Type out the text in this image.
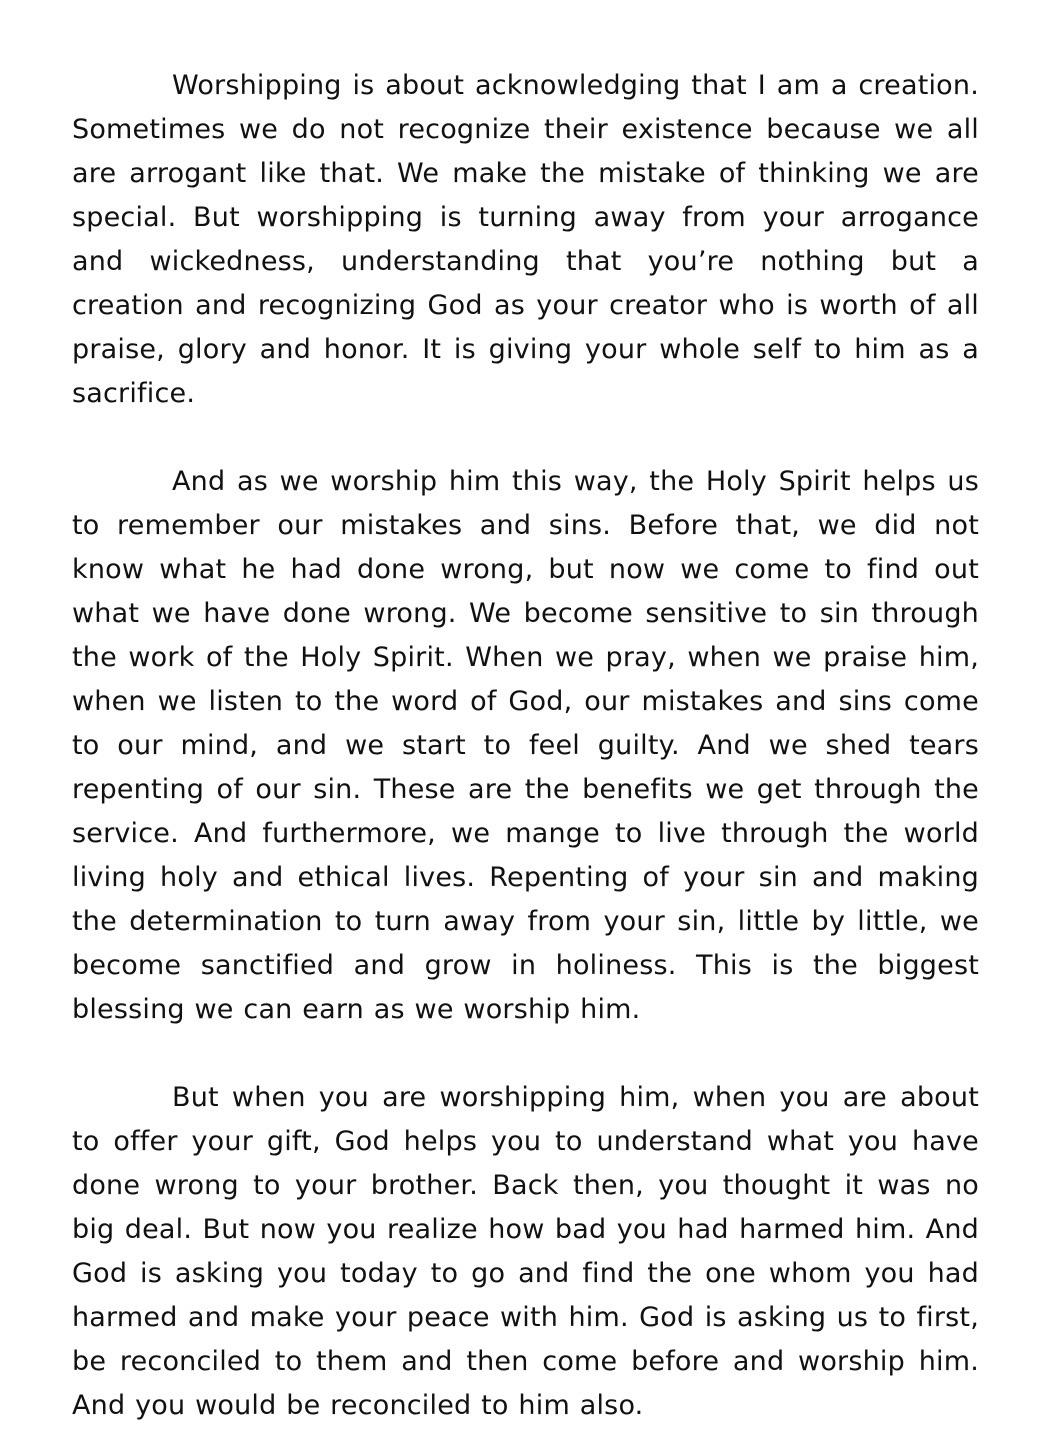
Worshipping is about acknowledging that I am a creation. Sometimes we do not recognize their existence because we all are arrogant like that. We make the mistake of thinking we are special. But worshipping is turning away from your arrogance and wickedness, understanding that you’re nothing but a creation and recognizing God as your creator who is worth of all praise, glory and honor. It is giving your whole self to him as a sacrifice.

And as we worship him this way, the Holy Spirit helps us to remember our mistakes and sins. Before that, we did not know what he had done wrong, but now we come to find out what we have done wrong. We become sensitive to sin through the work of the Holy Spirit. When we pray, when we praise him, when we listen to the word of God, our mistakes and sins come to our mind, and we start to feel guilty. And we shed tears repenting of our sin. These are the benefits we get through the service. And furthermore, we mange to live through the world living holy and ethical lives. Repenting of your sin and making the determination to turn away from your sin, little by little, we become sanctified and grow in holiness. This is the biggest blessing we can earn as we worship him.

But when you are worshipping him, when you are about to offer your gift, God helps you to understand what you have done wrong to your brother. Back then, you thought it was no big deal. But now you realize how bad you had harmed him. And God is asking you today to go and find the one whom you had harmed and make your peace with him. God is asking us to first, be reconciled to them and then come before and worship him. And you would be reconciled to him also.
